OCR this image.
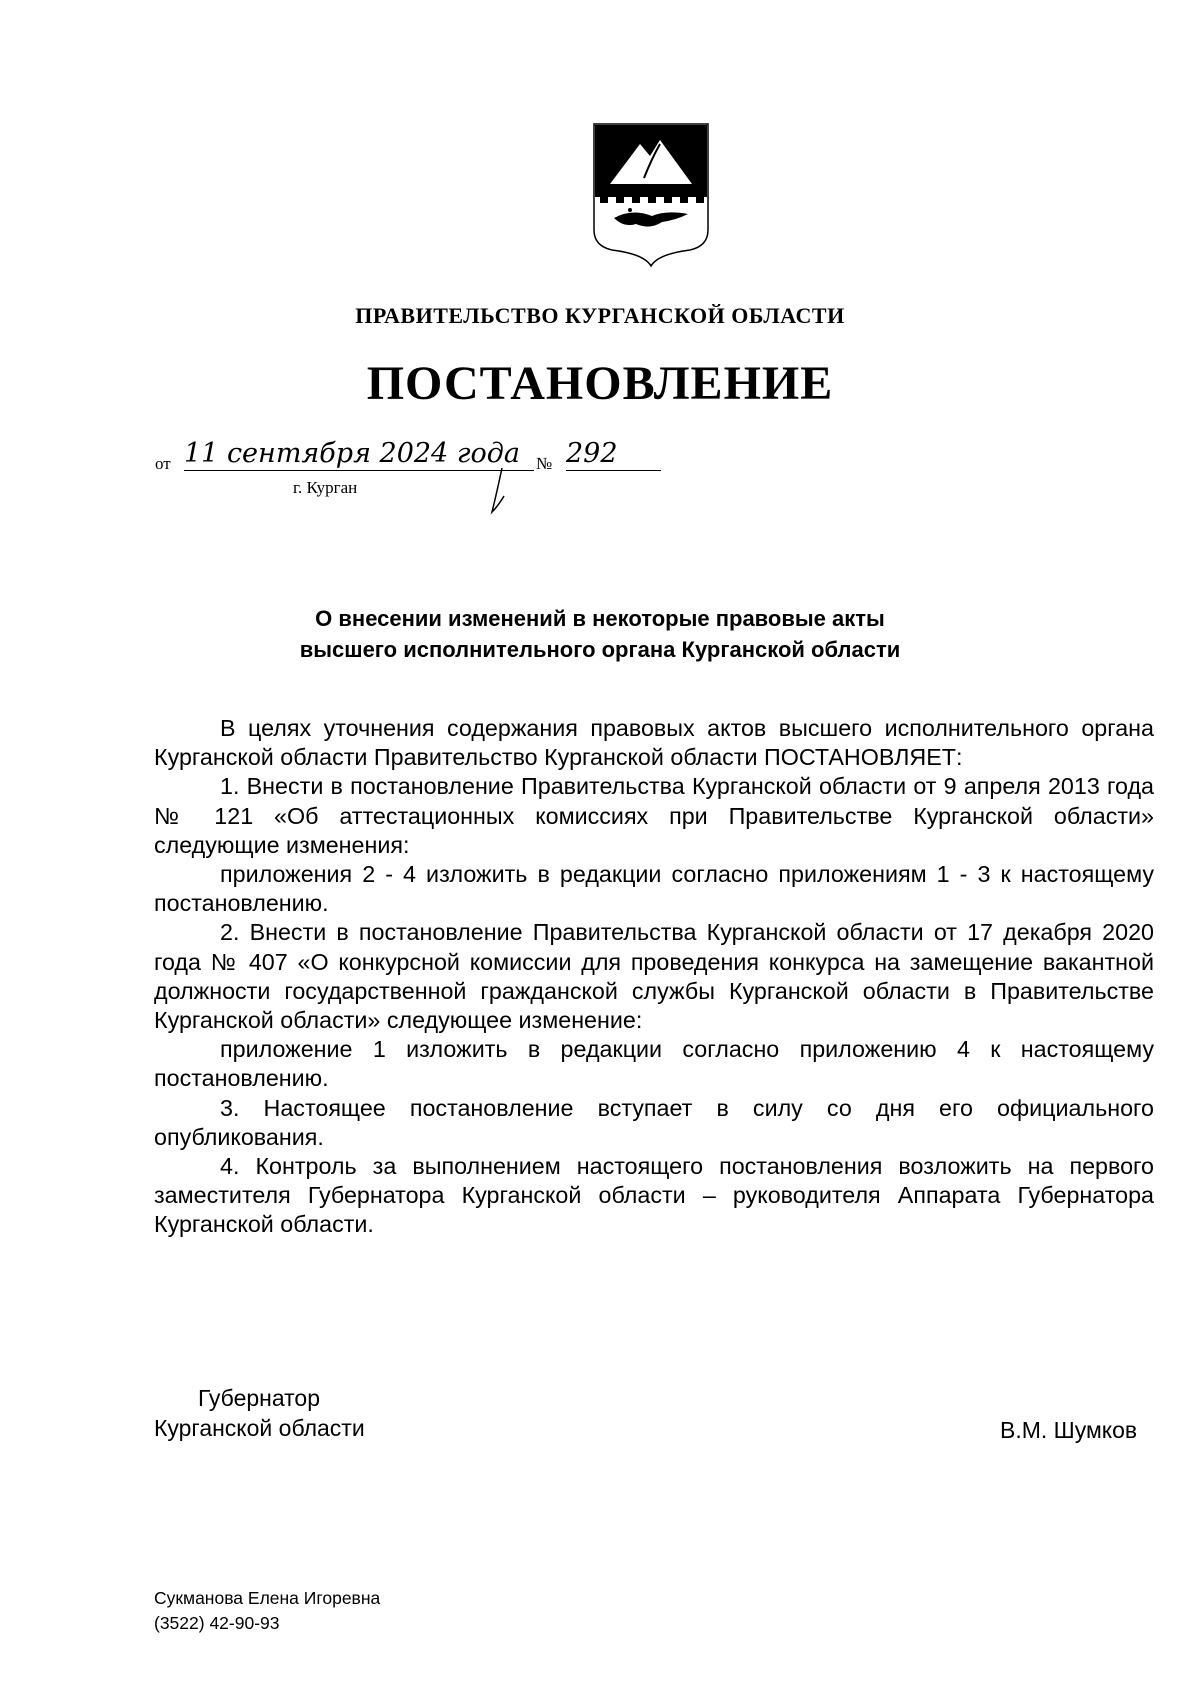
ПРАВИТЕЛЬСТВО КУРГАНСКОЙ ОБЛАСТИ
ПОСТАНОВЛЕНИЕ
от 11 сентября 2024 года № 292
г. Курган
О внесении изменений в некоторые правовые акты
высшего исполнительного органа Курганской области

В целях уточнения содержания правовых актов высшего исполнительного органа Курганской области Правительство Курганской области ПОСТАНОВЛЯЕТ:

1. Внести в постановление Правительства Курганской области от 9 апреля 2013 года № 121 «Об аттестационных комиссиях при Правительстве Курганской области» следующие изменения:

приложения 2 - 4 изложить в редакции согласно приложениям 1 - 3 к настоящему постановлению.

2. Внести в постановление Правительства Курганской области от 17 декабря 2020 года № 407 «О конкурсной комиссии для проведения конкурса на замещение вакантной должности государственной гражданской службы Курганской области в Правительстве Курганской области» следующее изменение:

приложение 1 изложить в редакции согласно приложению 4 к настоящему постановлению.

3. Настоящее постановление вступает в силу со дня его официального опубликования.

4. Контроль за выполнением настоящего постановления возложить на первого заместителя Губернатора Курганской области – руководителя Аппарата Губернатора Курганской области.

Губернатор
Курганской области	В.М. Шумков
Сукманова Елена Игоревна
(3522) 42-90-93
